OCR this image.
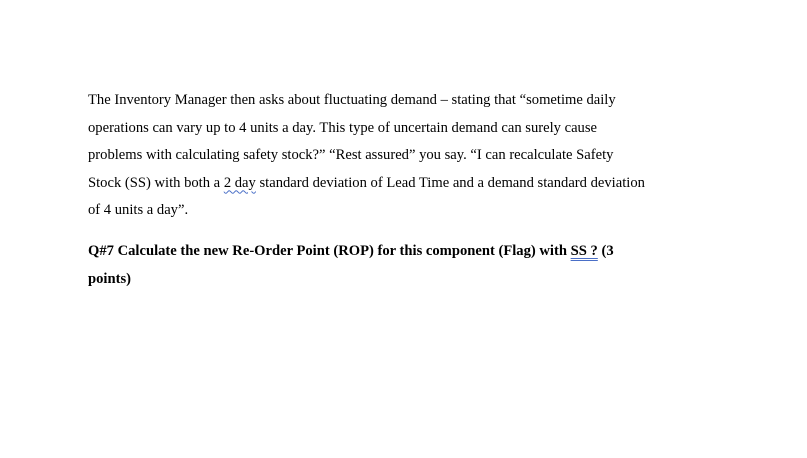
The Inventory Manager then asks about fluctuating demand – stating that “sometime daily
operations can vary up to 4 units a day. This type of uncertain demand can surely cause
problems with calculating safety stock?” “Rest assured” you say. “I can recalculate Safety
Stock (SS) with both a 2 day standard deviation of Lead Time and a demand standard deviation
of 4 units a day”.

Q#7 Calculate the new Re-Order Point (ROP) for this component (Flag) with SS ? (3
points)
